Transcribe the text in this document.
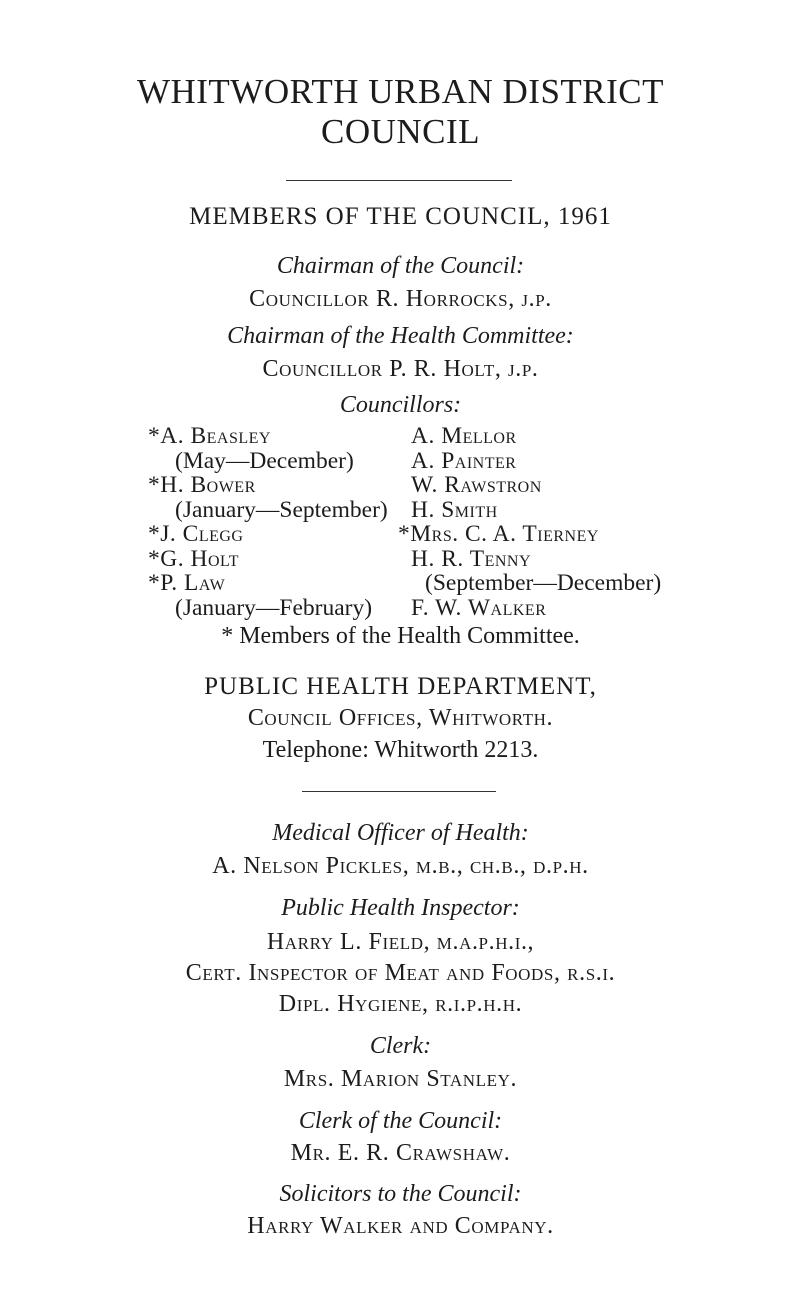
WHITWORTH URBAN DISTRICT
COUNCIL
MEMBERS OF THE COUNCIL, 1961
Chairman of the Council:
Councillor R. Horrocks, j.p.
Chairman of the Health Committee:
Councillor P. R. Holt, j.p.
Councillors:
*A. Beasley
(May—December)
*H. Bower
(January—September)
*J. Clegg
*G. Holt
*P. Law
(January—February)
A. Mellor
A. Painter
W. Rawstron
H. Smith
*Mrs. C. A. Tierney
H. R. Tenny
(September—December)
F. W. Walker
* Members of the Health Committee.
PUBLIC HEALTH DEPARTMENT,
Council Offices, Whitworth.
Telephone: Whitworth 2213.
Medical Officer of Health:
A. Nelson Pickles, m.b., ch.b., d.p.h.
Public Health Inspector:
Harry L. Field, m.a.p.h.i.,
Cert. Inspector of Meat and Foods, r.s.i.
Dipl. Hygiene, r.i.p.h.h.
Clerk:
Mrs. Marion Stanley.
Clerk of the Council:
Mr. E. R. Crawshaw.
Solicitors to the Council:
Harry Walker and Company.
